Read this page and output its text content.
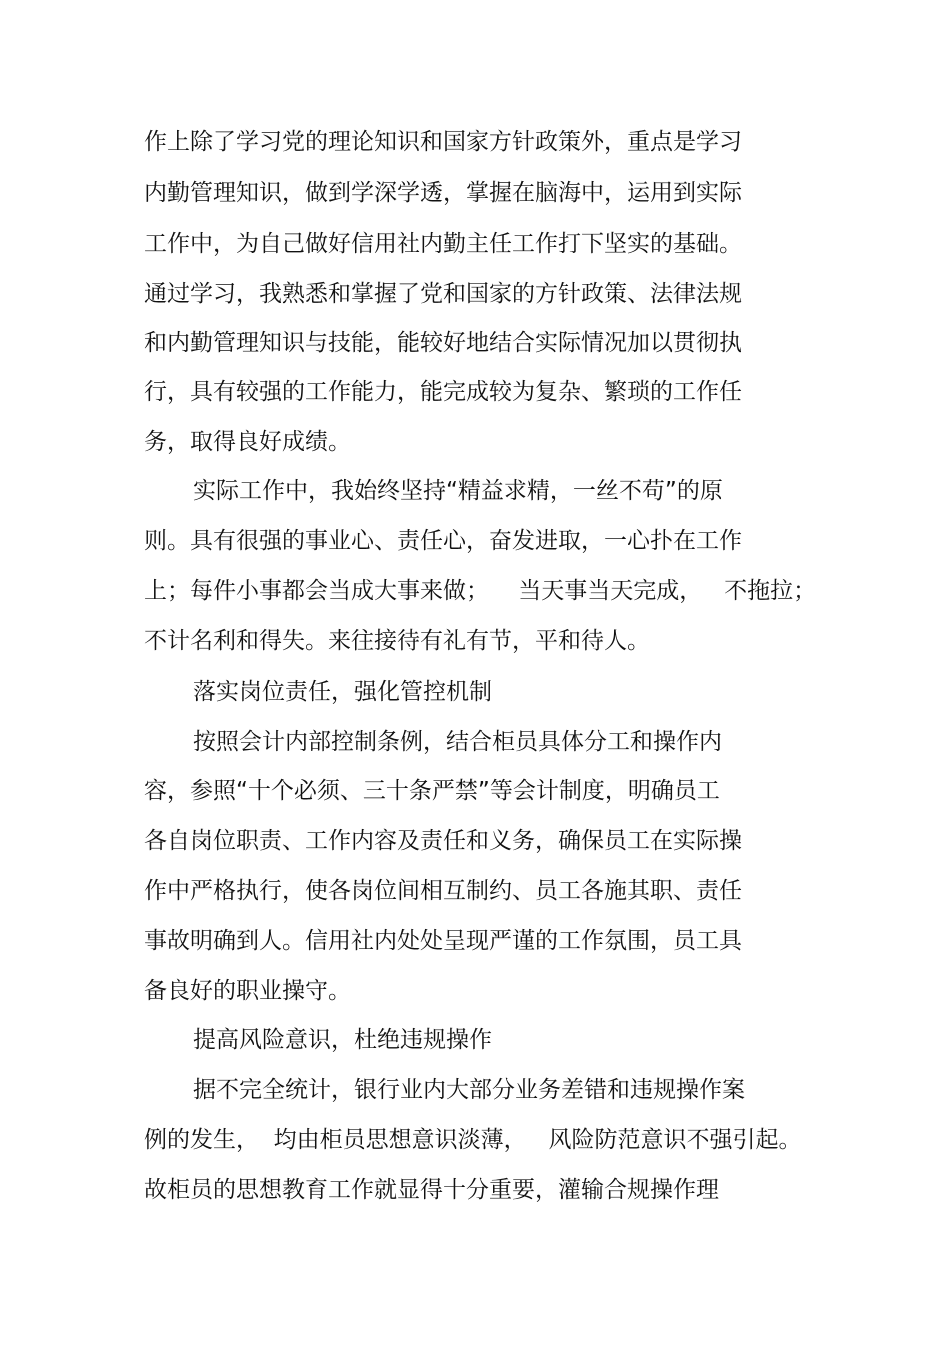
作上除了学习党的理论知识和国家方针政策外，重点是学习
内勤管理知识，做到学深学透，掌握在脑海中，运用到实际
工作中，为自己做好信用社内勤主任工作打下坚实的基础。
通过学习，我熟悉和掌握了党和国家的方针政策、法律法规
和内勤管理知识与技能，能较好地结合实际情况加以贯彻执
行，具有较强的工作能力，能完成较为复杂、繁琐的工作任
务，取得良好成绩。
实际工作中，我始终坚持“精益求精，一丝不苟”的原
则。具有很强的事业心、责任心，奋发进取，一心扑在工作
上；每件小事都会当成大事来做；    当天事当天完成，   不拖拉；
不计名利和得失。来往接待有礼有节，平和待人。
落实岗位责任，强化管控机制
按照会计内部控制条例，结合柜员具体分工和操作内
容，参照“十个必须、三十条严禁”等会计制度，明确员工
各自岗位职责、工作内容及责任和义务，确保员工在实际操
作中严格执行，使各岗位间相互制约、员工各施其职、责任
事故明确到人。信用社内处处呈现严谨的工作氛围，员工具
备良好的职业操守。
提高风险意识，杜绝违规操作
据不完全统计，银行业内大部分业务差错和违规操作案
例的发生，  均由柜员思想意识淡薄，   风险防范意识不强引起。
故柜员的思想教育工作就显得十分重要，灌输合规操作理
